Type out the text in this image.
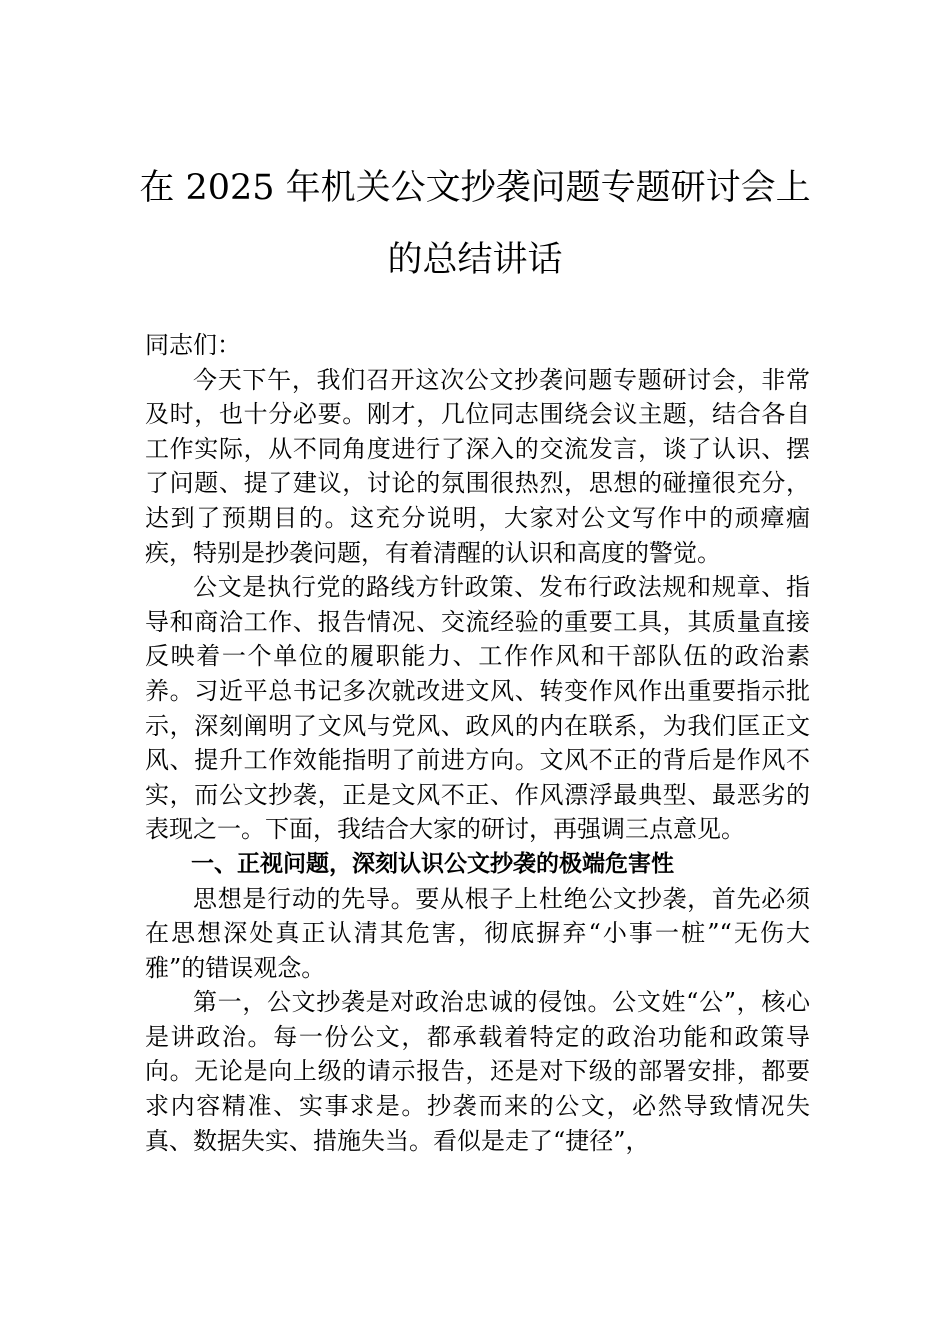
在 2025 年机关公文抄袭问题专题研讨会上
的总结讲话

同志们：

今天下午，我们召开这次公文抄袭问题专题研讨会，非常及时，也十分必要。刚才，几位同志围绕会议主题，结合各自工作实际，从不同角度进行了深入的交流发言，谈了认识、摆了问题、提了建议，讨论的氛围很热烈，思想的碰撞很充分，达到了预期目的。这充分说明，大家对公文写作中的顽瘴痼疾，特别是抄袭问题，有着清醒的认识和高度的警觉。

公文是执行党的路线方针政策、发布行政法规和规章、指导和商洽工作、报告情况、交流经验的重要工具，其质量直接反映着一个单位的履职能力、工作作风和干部队伍的政治素养。习近平总书记多次就改进文风、转变作风作出重要指示批示，深刻阐明了文风与党风、政风的内在联系，为我们匡正文风、提升工作效能指明了前进方向。文风不正的背后是作风不实，而公文抄袭，正是文风不正、作风漂浮最典型、最恶劣的表现之一。下面，我结合大家的研讨，再强调三点意见。

一、正视问题，深刻认识公文抄袭的极端危害性

思想是行动的先导。要从根子上杜绝公文抄袭，首先必须在思想深处真正认清其危害，彻底摒弃“小事一桩”“无伤大雅”的错误观念。

第一，公文抄袭是对政治忠诚的侵蚀。公文姓“公”，核心是讲政治。每一份公文，都承载着特定的政治功能和政策导向。无论是向上级的请示报告，还是对下级的部署安排，都要求内容精准、实事求是。抄袭而来的公文，必然导致情况失真、数据失实、措施失当。看似是走了“捷径”，
